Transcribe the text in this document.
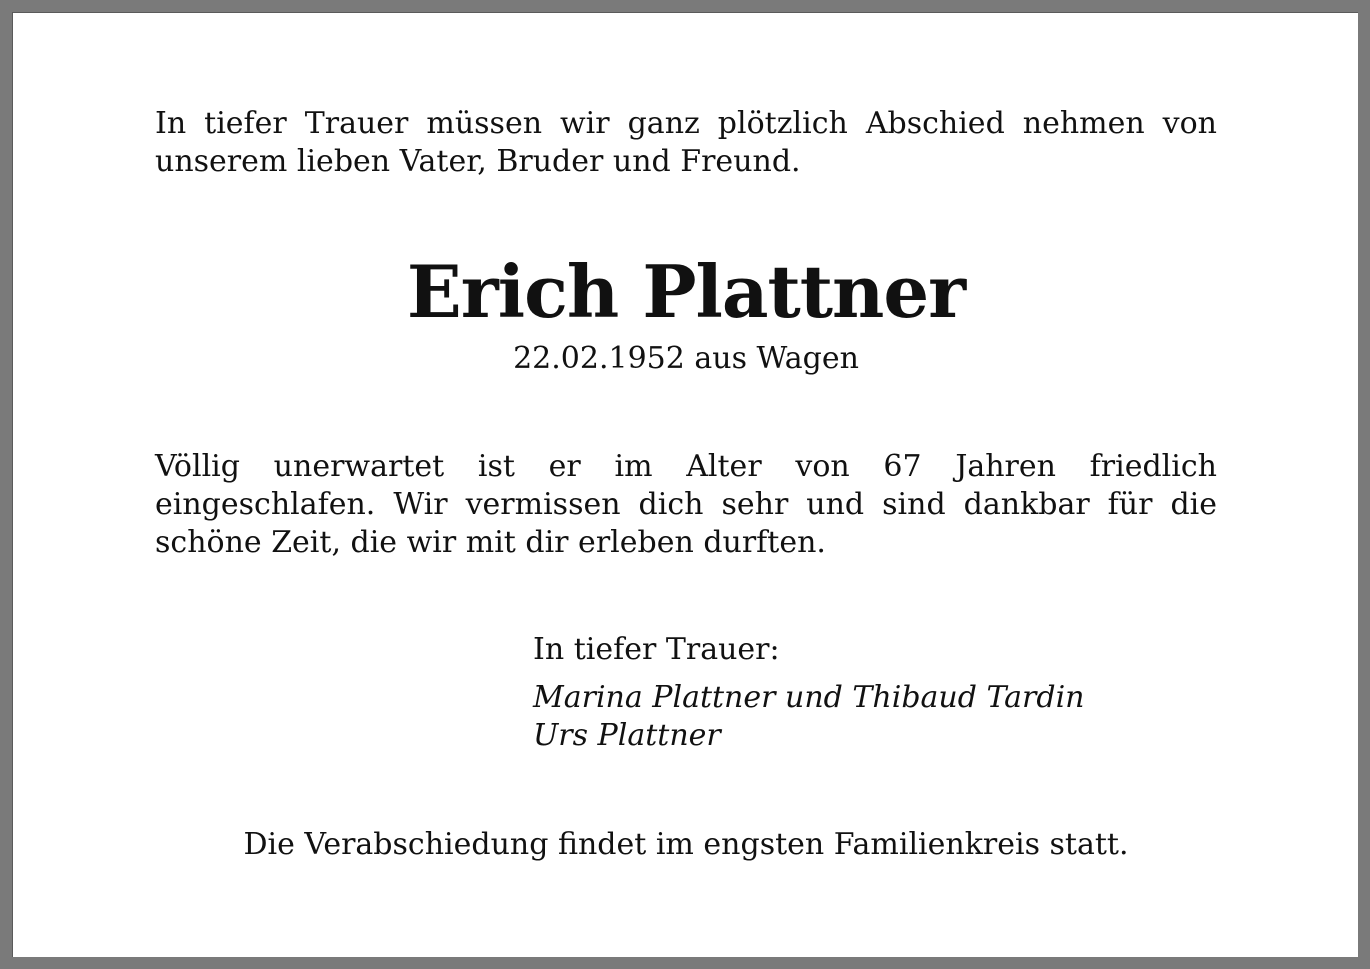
In tiefer Trauer müssen wir ganz plötzlich Abschied nehmen von unserem lieben Vater, Bruder und Freund.

Erich Plattner

22.02.1952 aus Wagen

Völlig unerwartet ist er im Alter von 67 Jahren friedlich eingeschlafen. Wir vermissen dich sehr und sind dankbar für die schöne Zeit, die wir mit dir erleben durften.

In tiefer Trauer:

Marina Plattner und Thibaud Tardin
Urs Plattner

Die Verabschiedung findet im engsten Familienkreis statt.
